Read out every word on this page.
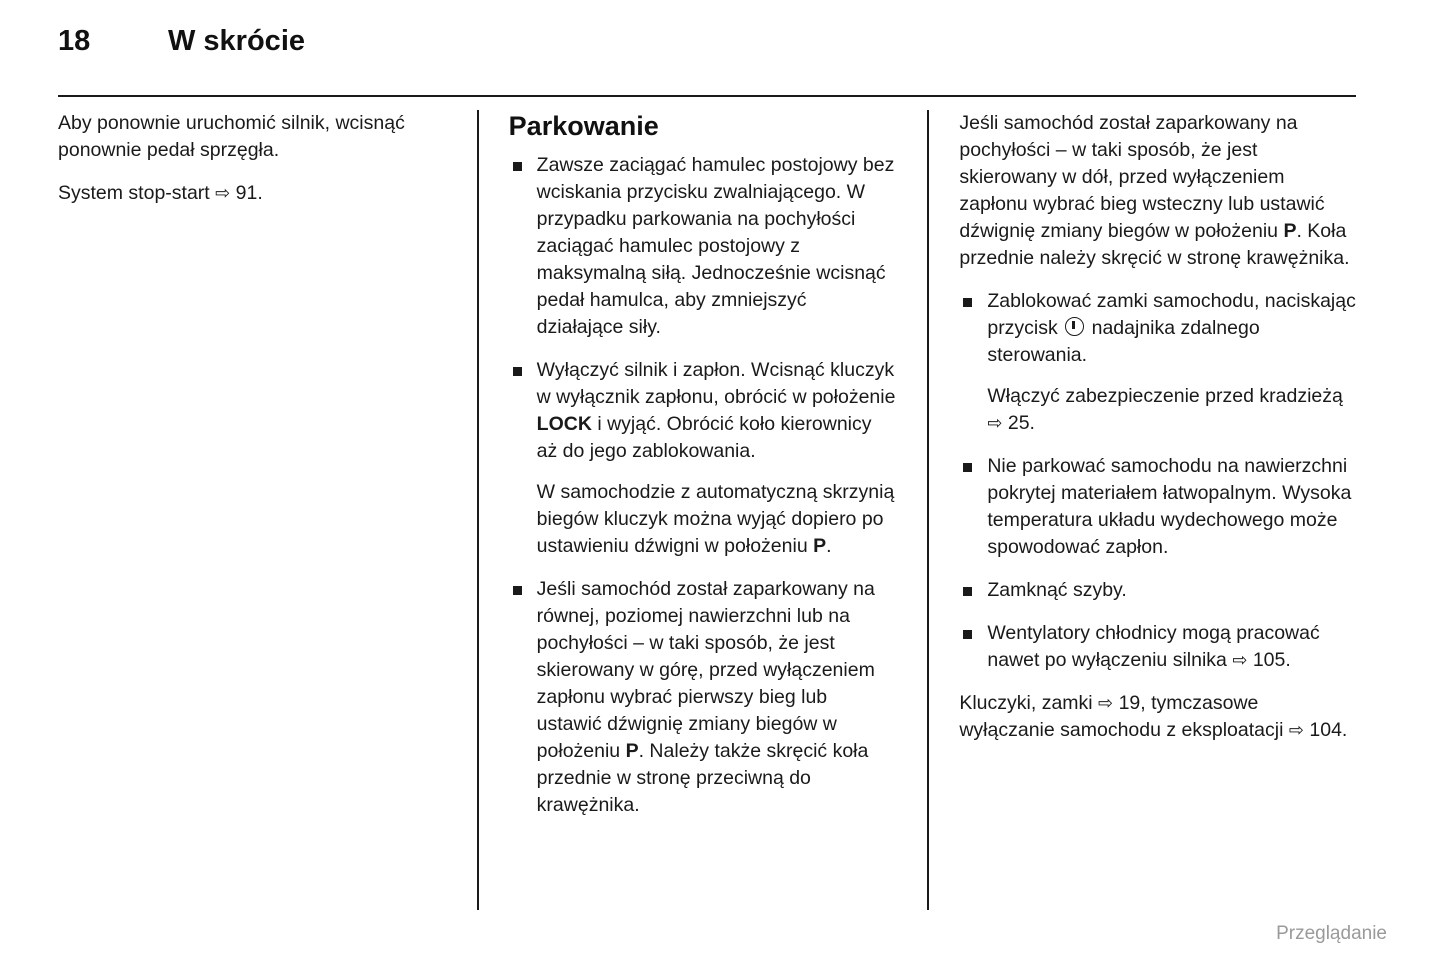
18	W skrócie

Aby ponownie uruchomić silnik, wcisnąć ponownie pedał sprzęgła.

System stop-start ⇨ 91.

Parkowanie
Zawsze zaciągać hamulec postojowy bez wciskania przycisku zwalniającego. W przypadku parkowania na pochyłości zaciągać hamulec postojowy z maksymalną siłą. Jednocześnie wcisnąć pedał hamulca, aby zmniejszyć działające siły.
Wyłączyć silnik i zapłon. Wcisnąć kluczyk w wyłącznik zapłonu, obrócić w położenie LOCK i wyjąć. Obrócić koło kierownicy aż do jego zablokowania.
W samochodzie z automatyczną skrzynią biegów kluczyk można wyjąć dopiero po ustawieniu dźwigni w położeniu P.
Jeśli samochód został zaparkowany na równej, poziomej nawierzchni lub na pochyłości – w taki sposób, że jest skierowany w górę, przed wyłączeniem zapłonu wybrać pierwszy bieg lub ustawić dźwignię zmiany biegów w położeniu P. Należy także skręcić koła przednie w stronę przeciwną do krawężnika.

Jeśli samochód został zaparkowany na pochyłości – w taki sposób, że jest skierowany w dół, przed wyłączeniem zapłonu wybrać bieg wsteczny lub ustawić dźwignię zmiany biegów w położeniu P. Koła przednie należy skręcić w stronę krawężnika.

Zablokować zamki samochodu, naciskając przycisk  nadajnika zdalnego sterowania.
Włączyć zabezpieczenie przed kradzieżą ⇨ 25.
Nie parkować samochodu na nawierzchni pokrytej materiałem łatwopalnym. Wysoka temperatura układu wydechowego może spowodować zapłon.
Zamknąć szyby.
Wentylatory chłodnicy mogą pracować nawet po wyłączeniu silnika ⇨ 105.

Kluczyki, zamki ⇨ 19, tymczasowe wyłączanie samochodu z eksploatacji ⇨ 104.

Przeglądanie
